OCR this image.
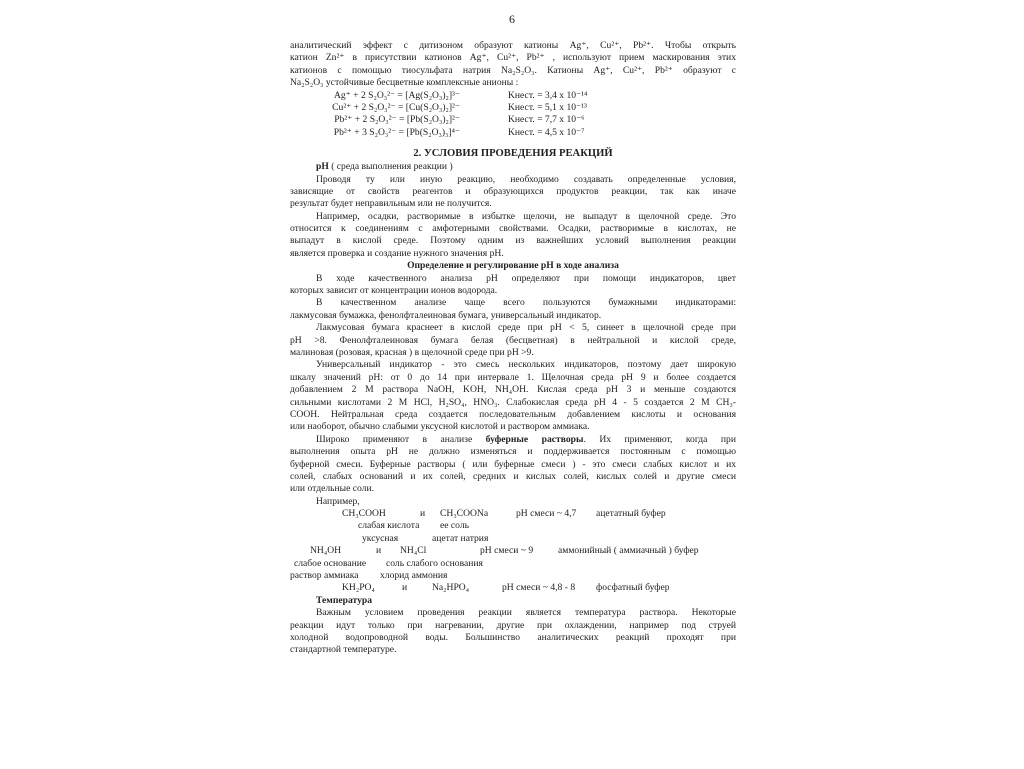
6
аналитический эффект с дитизоном образуют катионы Ag⁺, Cu²⁺, Pb²⁺. Чтобы открыть
катион Zn²⁺ в присутствии катионов Ag⁺, Cu²⁺, Pb²⁺ , используют прием маскирования этих
катионов с помощью тиосульфата натрия Na₂S₂O₃. Катионы Ag⁺, Cu²⁺, Pb²⁺ образуют с
Na₂S₂O₃ устойчивые бесцветные комплексные анионы :
Ag⁺ + 2 S₂O₃²⁻ = [Ag(S₂O₃)₂]³⁻	Kнест. = 3,4 x 10⁻¹⁴
Cu²⁺ + 2 S₂O₃²⁻ = [Cu(S₂O₃)₂]²⁻	Kнест. = 5,1 x 10⁻¹³
Pb²⁺ + 2 S₂O₃²⁻ = [Pb(S₂O₃)₂]²⁻	Kнест. = 7,7 x 10⁻⁶
Pb²⁺ + 3 S₂O₃²⁻ = [Pb(S₂O₃)₃]⁴⁻	Kнест. = 4,5 x 10⁻⁷
2. УСЛОВИЯ ПРОВЕДЕНИЯ РЕАКЦИЙ
pH ( среда выполнения реакции )
Проводя ту или иную реакцию, необходимо создавать определенные условия,
зависящие от свойств реагентов и образующихся продуктов реакции, так как иначе
результат будет неправильным или не получится.
Например, осадки, растворимые в избытке щелочи, не выпадут в щелочной среде. Это
относится к соединениям с амфотерными свойствами. Осадки, растворимые в кислотах, не
выпадут в кислой среде. Поэтому одним из важнейших условий выполнения реакции
является проверка и создание нужного значения pH.
Определение и регулирование pH в ходе анализа
В ходе качественного анализа pH определяют при помощи индикаторов, цвет
которых зависит от концентрации ионов водорода.
В качественном анализе чаще всего пользуются бумажными индикаторами:
лакмусовая бумажка, фенолфталеиновая бумага, универсальный индикатор.
Лакмусовая бумага краснеет в кислой среде при pH < 5, синеет в щелочной среде при
pH >8. Фенолфталеиновая бумага белая (бесцветная) в нейтральной и кислой среде,
малиновая (розовая, красная ) в щелочной среде при pH >9.
Универсальный индикатор - это смесь нескольких индикаторов, поэтому дает широкую
шкалу значений pH: от 0 до 14 при интервале 1. Щелочная среда pH 9 и более создается
добавлением 2 М раствора NaOH, KOH, NH₄OH. Кислая среда pH 3 и меньше создаются
сильными кислотами 2 М HCl, H₂SO₄, HNO₃. Слабокислая среда pH 4 - 5 создается 2 М CH₃-
COOH. Нейтральная среда создается последовательным добавлением кислоты и основания
или наоборот, обычно слабыми уксусной кислотой и раствором аммиака.
Широко применяют в анализе буферные растворы. Их применяют, когда при
выполнения опыта pH не должно изменяться и поддерживается постоянным с помощью
буферной смеси. Буферные растворы ( или буферные смеси ) - это смеси слабых кислот и их
солей, слабых оснований и их солей, средних и кислых солей, кислых солей и другие смеси
или отдельные соли.
Например,
CH₃COOH	и CH₃COONa	pH смеси ~ 4,7 ацетатный буфер
слабая кислота ее соль
уксусная	ацетат натрия
NH₄OH	и NH₄Cl	pH смеси ~ 9	аммонийный ( аммиачный ) буфер
слабое основание соль слабого основания
раствор аммиака хлорид аммония
KH₂PO₄	и	Na₂HPO₄	pH смеси ~ 4,8 - 8 фосфатный буфер
Температура
Важным условием проведения реакции является температура раствора. Некоторые
реакции идут только при нагревании, другие при охлаждении, например под струей
холодной водопроводной воды. Большинство аналитических реакций проходят при
стандартной температуре.
